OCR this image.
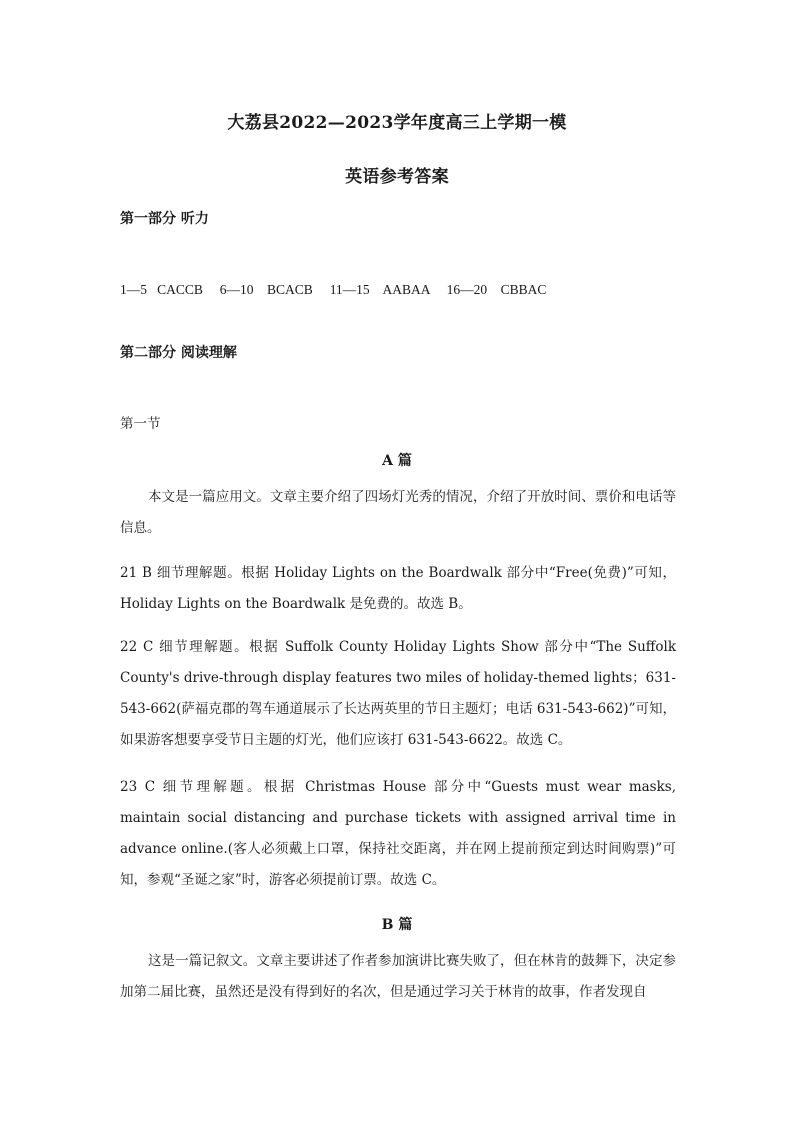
大荔县2022—2023学年度高三上学期一模
英语参考答案
第一部分 听力
1—5 CACCB 6—10 BCACB 11—15 AABAA 16—20 CBBAC
第二部分 阅读理解
第一节
A 篇

本文是一篇应用文。文章主要介绍了四场灯光秀的情况，介绍了开放时间、票价和电话等信息。

21 B 细节理解题。根据 Holiday Lights on the Boardwalk 部分中“Free(免费)”可知，Holiday Lights on the Boardwalk 是免费的。故选 B。

22 C 细节理解题。根据 Suffolk County Holiday Lights Show 部分中“The Suffolk County's drive-through display features two miles of holiday-themed lights；631-543-662(萨福克郡的驾车通道展示了长达两英里的节日主题灯；电话 631-543-662)”可知，如果游客想要享受节日主题的灯光，他们应该打 631-543-6622。故选 C。

23 C 细节理解题。根据 Christmas House 部分中“Guests must wear masks, maintain social distancing and purchase tickets with assigned arrival time in advance online.(客人必须戴上口罩，保持社交距离，并在网上提前预定到达时间购票)”可知，参观“圣诞之家”时，游客必须提前订票。故选 C。

B 篇

这是一篇记叙文。文章主要讲述了作者参加演讲比赛失败了，但在林肯的鼓舞下，决定参加第二届比赛，虽然还是没有得到好的名次，但是通过学习关于林肯的故事，作者发现自
